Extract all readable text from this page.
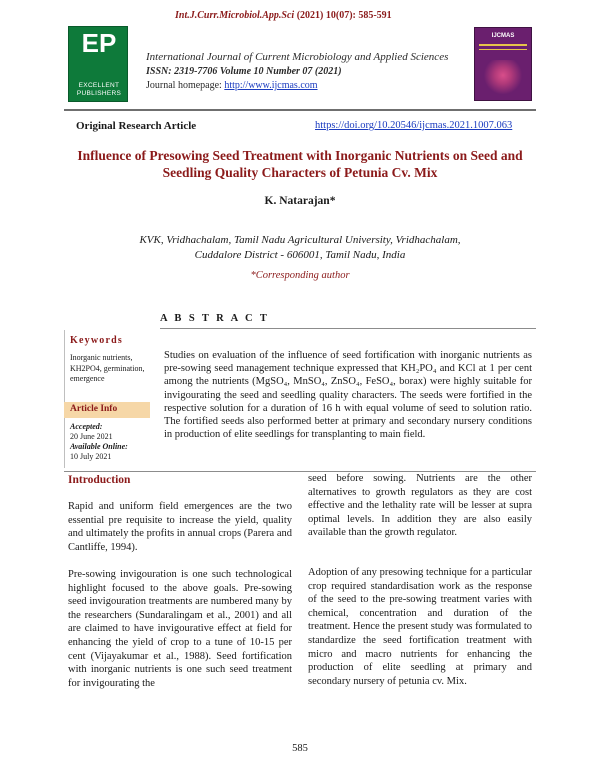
Int.J.Curr.Microbiol.App.Sci (2021) 10(07): 585-591
EP
EXCELLENT PUBLISHERS
International Journal of Current Microbiology and Applied Sciences
ISSN: 2319-7706 Volume 10 Number 07 (2021)
Journal homepage: http://www.ijcmas.com
IJCMAS
Original Research Article	https://doi.org/10.20546/ijcmas.2021.1007.063
Influence of Presowing Seed Treatment with Inorganic Nutrients on Seed and Seedling Quality Characters of Petunia Cv. Mix
K. Natarajan*
KVK, Vridhachalam, Tamil Nadu Agricultural University, Vridhachalam,
Cuddalore District - 606001, Tamil Nadu, India
*Corresponding author
A B S T R A C T
Keywords
Inorganic nutrients, KH2PO4, germination, emergence
Article Info
Accepted:
20 June 2021
Available Online:
10 July 2021
Studies on evaluation of the influence of seed fortification with inorganic nutrients as pre-sowing seed management technique expressed that KH₂PO₄ and KCl at 1 per cent among the nutrients (MgSO₄, MnSO₄, ZnSO₄, FeSO₄, borax) were highly suitable for invigourating the seed and seedling quality characters. The seeds were fortified in the respective solution for a duration of 16 h with equal volume of seed to solution ratio. The fortified seeds also performed better at primary and secondary nursery conditions in production of elite seedlings for transplanting to main field.
Introduction
Rapid and uniform field emergences are the two essential pre requisite to increase the yield, quality and ultimately the profits in annual crops (Parera and Cantliffe, 1994).
Pre-sowing invigouration is one such technological highlight focused to the above goals. Pre-sowing seed invigouration treatments are numbered many by the researchers (Sundaralingam et al., 2001) and all are claimed to have invigourative effect at field for enhancing the yield of crop to a tune of 10-15 per cent (Vijayakumar et al., 1988). Seed fortification with inorganic nutrients is one such seed treatment for invigourating the
seed before sowing. Nutrients are the other alternatives to growth regulators as they are cost effective and the lethality rate will be lesser at supra optimal levels. In addition they are also easily available than the growth regulator.
Adoption of any presowing technique for a particular crop required standardisation work as the response of the seed to the pre-sowing treatment varies with chemical, concentration and duration of the treatment. Hence the present study was formulated to standardize the seed fortification treatment with micro and macro nutrients for enhancing the production of elite seedling at primary and secondary nursery of petunia cv. Mix.
585
